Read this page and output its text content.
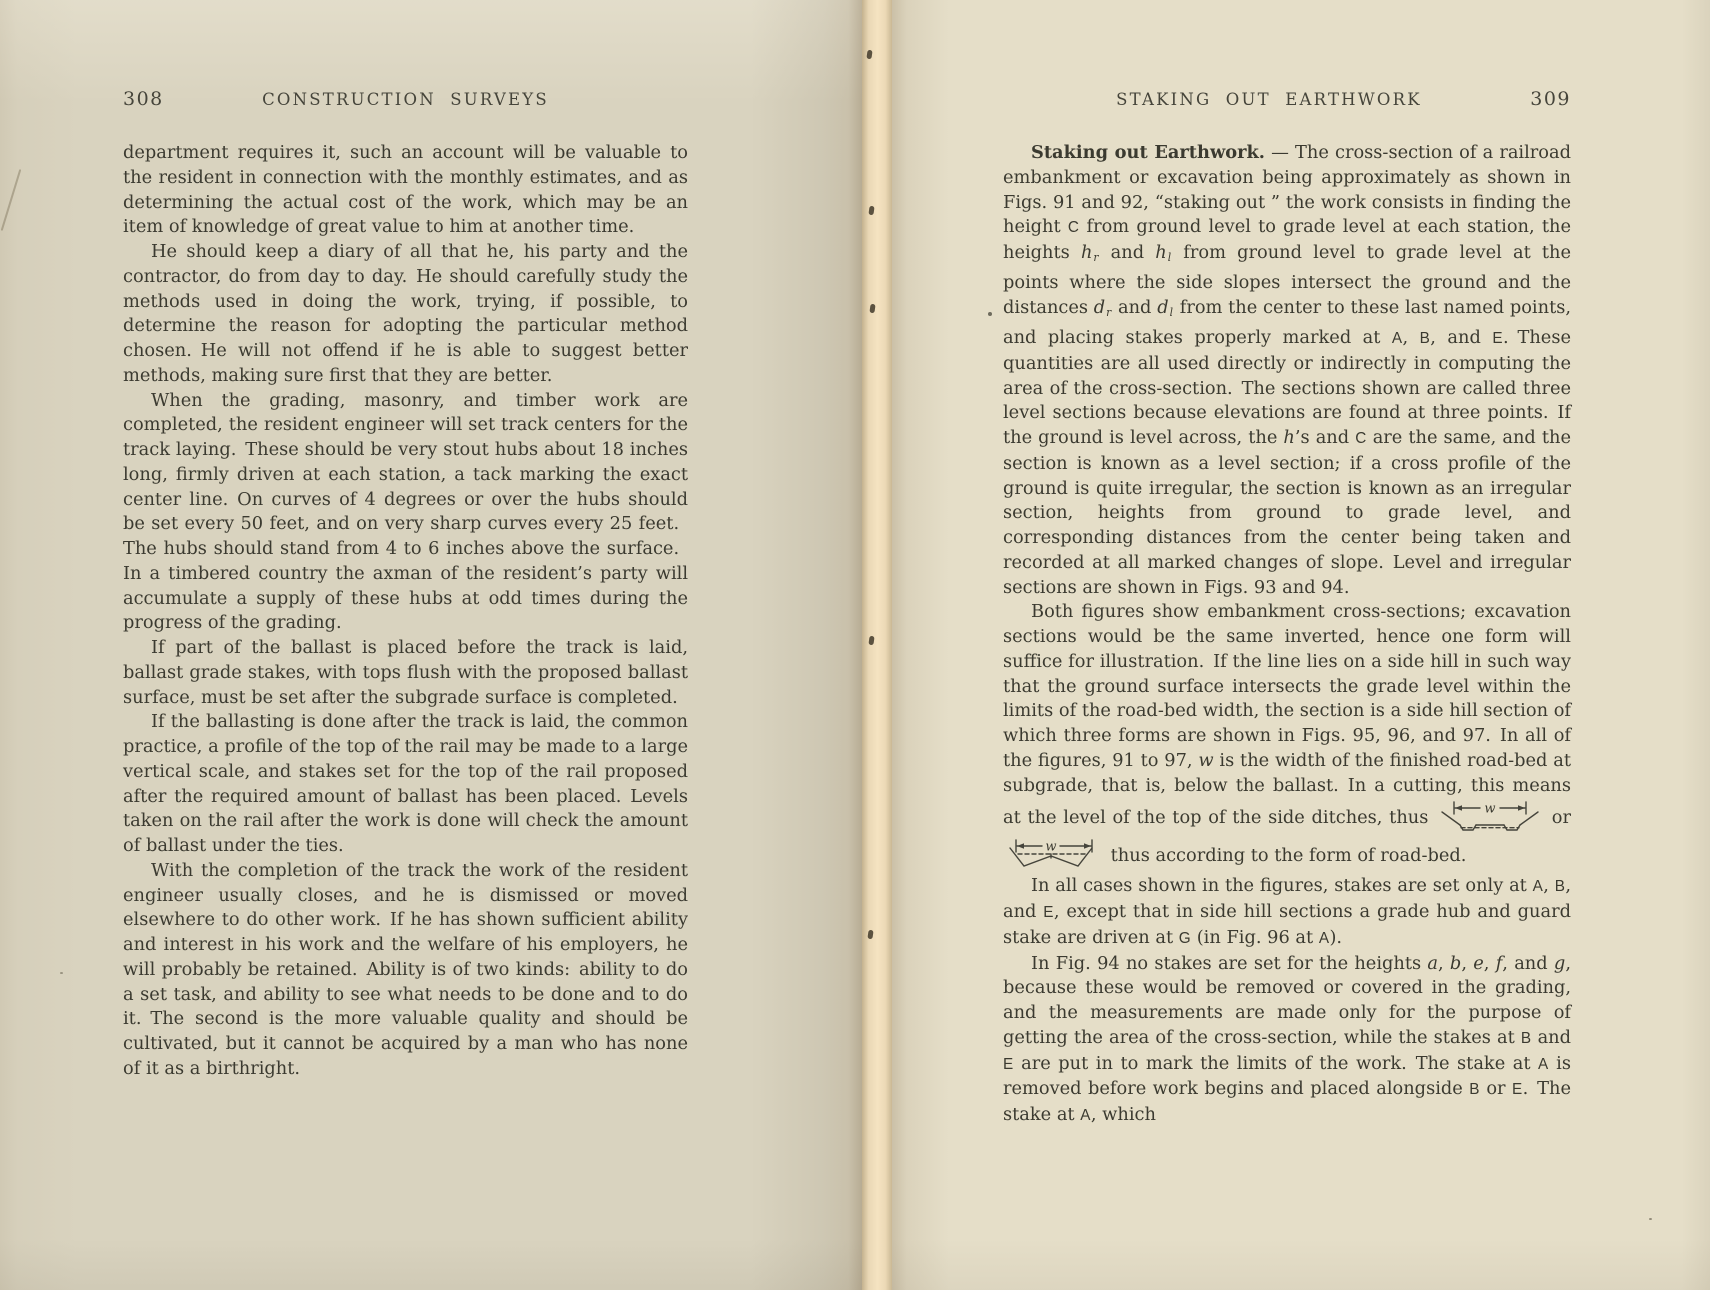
308	CONSTRUCTION SURVEYS

department requires it, such an account will be valuable to the resident in connection with the monthly estimates, and as determining the actual cost of the work, which may be an item of knowledge of great value to him at another time.

He should keep a diary of all that he, his party and the contractor, do from day to day. He should carefully study the methods used in doing the work, trying, if possible, to determine the reason for adopting the particular method chosen. He will not offend if he is able to suggest better methods, making sure first that they are better.

When the grading, masonry, and timber work are completed, the resident engineer will set track centers for the track laying. These should be very stout hubs about 18 inches long, firmly driven at each station, a tack marking the exact center line. On curves of 4 degrees or over the hubs should be set every 50 feet, and on very sharp curves every 25 feet. The hubs should stand from 4 to 6 inches above the surface. In a timbered country the axman of the resident’s party will accumulate a supply of these hubs at odd times during the progress of the grading.

If part of the ballast is placed before the track is laid, ballast grade stakes, with tops flush with the proposed ballast surface, must be set after the subgrade surface is completed.

If the ballasting is done after the track is laid, the common practice, a profile of the top of the rail may be made to a large vertical scale, and stakes set for the top of the rail proposed after the required amount of ballast has been placed. Levels taken on the rail after the work is done will check the amount of ballast under the ties.

With the completion of the track the work of the resident engineer usually closes, and he is dismissed or moved elsewhere to do other work. If he has shown sufficient ability and interest in his work and the welfare of his employers, he will probably be retained. Ability is of two kinds: ability to do a set task, and ability to see what needs to be done and to do it. The second is the more valuable quality and should be cultivated, but it cannot be acquired by a man who has none of it as a birthright.

STAKING OUT EARTHWORK	309

Staking out Earthwork. — The cross-section of a railroad embankment or excavation being approximately as shown in Figs. 91 and 92, “staking out ” the work consists in finding the height C from ground level to grade level at each station, the heights hr and hl from ground level to grade level at the points where the side slopes intersect the ground and the distances dr and dl from the center to these last named points, and placing stakes properly marked at A, B, and E. These quantities are all used directly or indirectly in computing the area of the cross-section. The sections shown are called three level sections because elevations are found at three points. If the ground is level across, the h’s and C are the same, and the section is known as a level section; if a cross profile of the ground is quite irregular, the section is known as an irregular section, heights from ground to grade level, and corresponding distances from the center being taken and recorded at all marked changes of slope. Level and irregular sections are shown in Figs. 93 and 94.

Both figures show embankment cross-sections; excavation sections would be the same inverted, hence one form will suffice for illustration. If the line lies on a side hill in such way that the ground surface intersects the grade level within the limits of the road-bed width, the section is a side hill section of which three forms are shown in Figs. 95, 96, and 97. In all of the figures, 91 to 97, w is the width of the finished road-bed at subgrade, that is, below the ballast. In a cutting, this means at the level of the top of the side ditches, thus	w	or
w	thus according to the form of road-bed.

In all cases shown in the figures, stakes are set only at A, B, and E, except that in side hill sections a grade hub and guard stake are driven at G (in Fig. 96 at A).

In Fig. 94 no stakes are set for the heights a, b, e, f, and g, because these would be removed or covered in the grading, and the measurements are made only for the purpose of getting the area of the cross-section, while the stakes at B and E are put in to mark the limits of the work. The stake at A is removed before work begins and placed alongside B or E. The stake at A, which
